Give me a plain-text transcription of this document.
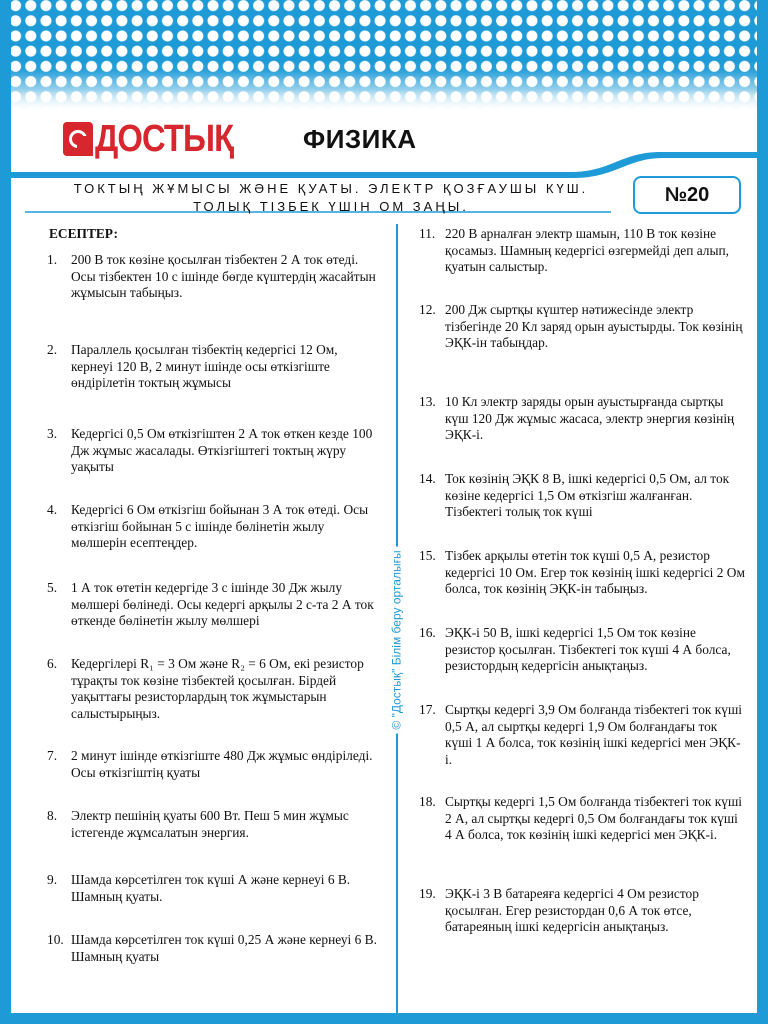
ДОСТЫҚ	ФИЗИКА
ТОКТЫҢ ЖҰМЫСЫ ЖӘНЕ ҚУАТЫ. ЭЛЕКТР ҚОЗҒАУШЫ КҮШ.
ТОЛЫҚ ТІЗБЕК ҮШІН ОМ ЗАҢЫ.
№20
© "Достық" Білім беру орталығы
ЕСЕПТЕР:
1.	200 В ток көзіне қосылған тізбектен 2 А ток өтеді. Осы тізбектен 10 с ішінде бөгде күштердің жасайтын жұмысын табыңыз.
2.	Параллель қосылған тізбектің кедергісі 12 Ом, кернеуі 120 В, 2 минут ішінде осы өткізгіште өндірілетін токтың жұмысы
3.	Кедергісі 0,5 Ом өткізгіштен 2 А ток өткен кезде 100 Дж жұмыс жасалады. Өткізгіштегі токтың жүру уақыты
4.	Кедергісі 6 Ом өткізгіш бойынан 3 А ток өтеді. Осы өткізгіш бойынан 5 с ішінде бөлінетін жылу мөлшерін есептеңдер.
5.	1 А ток өтетін кедергіде 3 с ішінде 30 Дж жылу мөлшері бөлінеді. Осы кедергі арқылы 2 с-та 2 А ток өткенде бөлінетін жылу мөлшері
6.	Кедергілері R₁ = 3 Ом және R₂ = 6 Ом, екі резистор тұрақты ток көзіне тізбектей қосылған. Бірдей уақыттағы резисторлардың ток жұмыстарын салыстырыңыз.
7.	2 минут ішінде өткізгіште 480 Дж жұмыс өндіріледі. Осы өткізгіштің қуаты
8.	Электр пешінің қуаты 600 Вт. Пеш 5 мин жұмыс істегенде жұмсалатын энергия.
9.	Шамда көрсетілген ток күші А және кернеуі 6 В. Шамның қуаты.
10. Шамда көрсетілген ток күші 0,25 А және кернеуі 6 В. Шамның қуаты
11. 220 В арналған электр шамын, 110 В ток көзіне қосамыз. Шамның кедергісі өзгермейді деп алып, қуатын салыстыр.
12. 200 Дж сыртқы күштер нәтижесінде электр тізбегінде 20 Кл заряд орын ауыстырды. Ток көзінің ЭҚК-ін табыңдар.
13. 10 Кл электр заряды орын ауыстырғанда сыртқы күш 120 Дж жұмыс жасаса, электр энергия көзінің ЭҚК-і.
14. Ток көзінің ЭҚК 8 В, ішкі кедергісі 0,5 Ом, ал ток көзіне кедергісі 1,5 Ом өткізгіш жалғанған. Тізбектегі толық ток күші
15. Тізбек арқылы өтетін ток күші 0,5 А, резистор кедергісі 10 Ом. Егер ток көзінің ішкі кедергісі 2 Ом болса, ток көзінің ЭҚК-ін табыңыз.
16. ЭҚК-і 50 В, ішкі кедергісі 1,5 Ом ток көзіне резистор қосылған. Тізбектегі ток күші 4 А болса, резистордың кедергісін анықтаңыз.
17. Сыртқы кедергі 3,9 Ом болғанда тізбектегі ток күші 0,5 А, ал сыртқы кедергі 1,9 Ом болғандағы ток күші 1 А болса, ток көзінің ішкі кедергісі мен ЭҚК-і.
18. Сыртқы кедергі 1,5 Ом болғанда тізбектегі ток күші 2 А, ал сыртқы кедергі 0,5 Ом болғандағы ток күші 4 А болса, ток көзінің ішкі кедергісі мен ЭҚК-і.
19. ЭҚК-і 3 В батареяға кедергісі 4 Ом резистор қосылған. Егер резистордан 0,6 А ток өтсе, батареяның ішкі кедергісін анықтаңыз.
